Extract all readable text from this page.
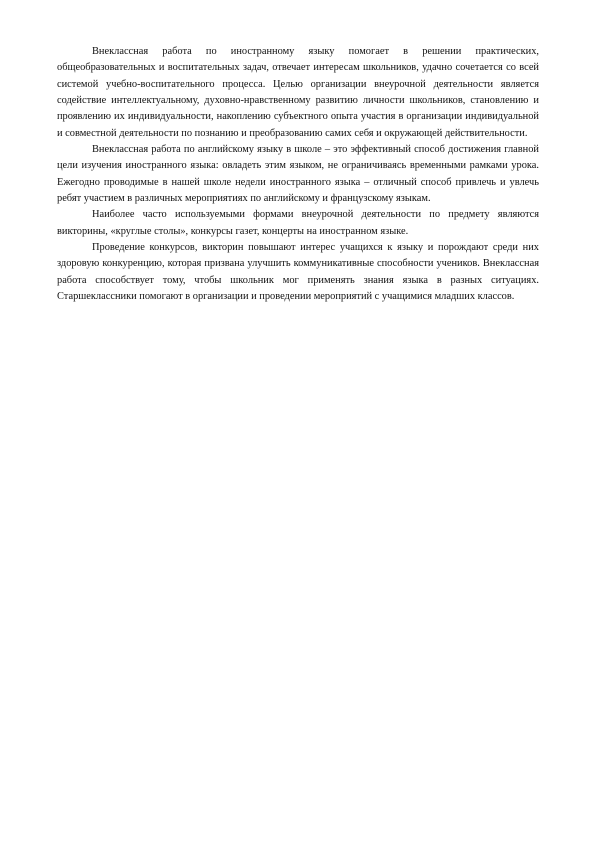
Внеклассная работа по иностранному языку помогает в решении практических, общеобразовательных и воспитательных задач, отвечает интересам школьников, удачно сочетается со всей системой учебно-воспитательного процесса. Целью организации внеурочной деятельности является содействие интеллектуальному, духовно-нравственному развитию личности школьников, становлению и проявлению их индивидуальности, накоплению субъектного опыта участия в организации индивидуальной и совместной деятельности по познанию и преобразованию самих себя и окружающей действительности.

Внеклассная работа по английскому языку в школе – это эффективный способ достижения главной цели изучения иностранного языка: овладеть этим языком, не ограничиваясь временными рамками урока. Ежегодно проводимые в нашей школе недели иностранного языка – отличный способ привлечь и увлечь ребят участием в различных мероприятиях по английскому и французскому языкам.

Наиболее часто используемыми формами внеурочной деятельности по предмету являются викторины, «круглые столы», конкурсы газет, концерты на иностранном языке.

Проведение конкурсов, викторин повышают интерес учащихся к языку и порождают среди них здоровую конкуренцию, которая призвана улучшить коммуникативные способности учеников. Внеклассная работа способствует тому, чтобы школьник мог применять знания языка в разных ситуациях. Старшеклассники помогают в организации и проведении мероприятий с учащимися младших классов.
